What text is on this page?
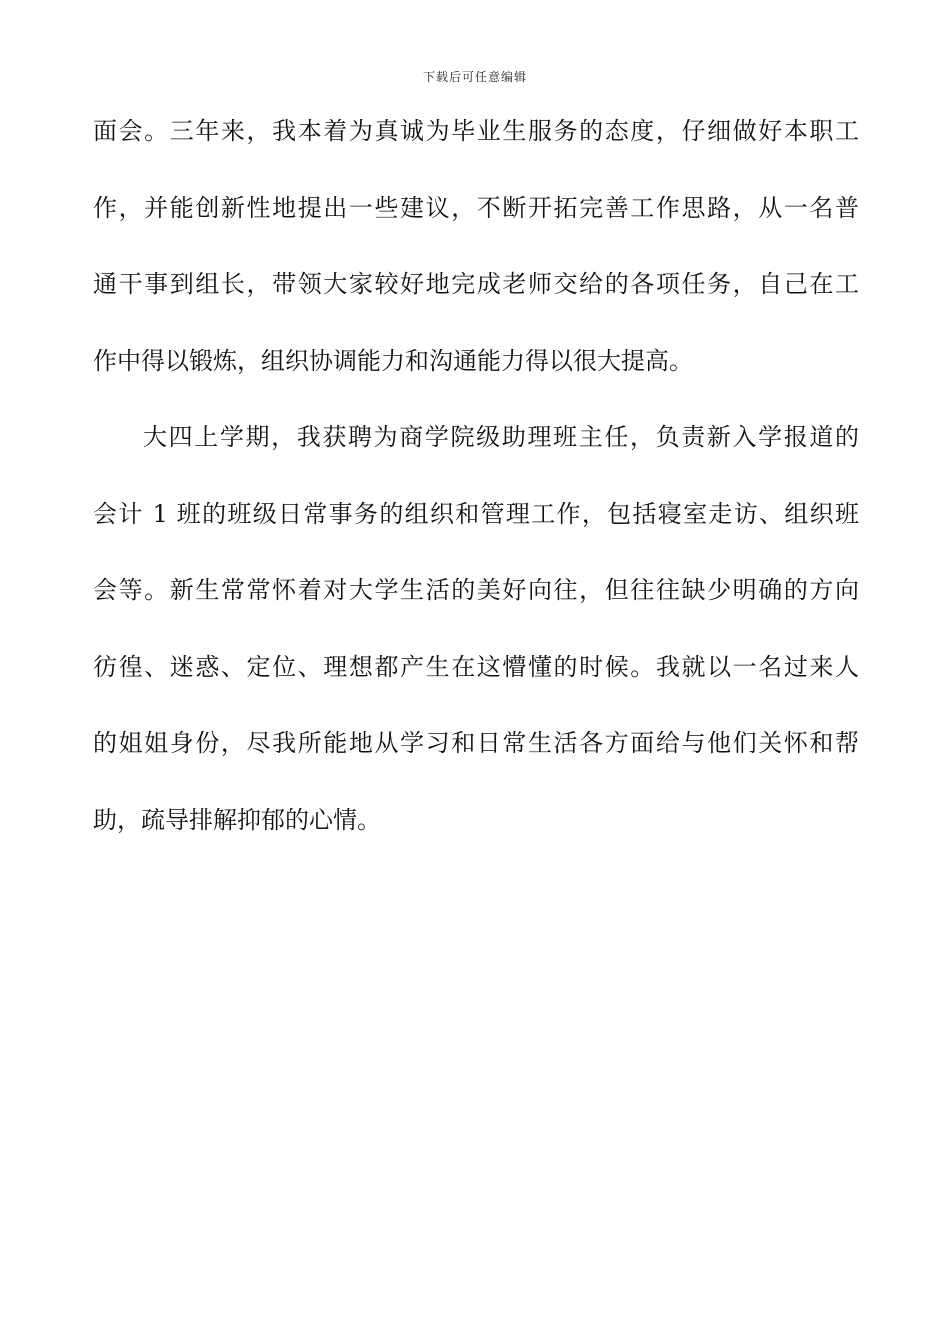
下载后可任意编辑
面会。三年来，我本着为真诚为毕业生服务的态度，仔细做好本职工
作，并能创新性地提出一些建议，不断开拓完善工作思路，从一名普
通干事到组长，带领大家较好地完成老师交给的各项任务，自己在工
作中得以锻炼，组织协调能力和沟通能力得以很大提高。
大四上学期，我获聘为商学院级助理班主任，负责新入学报道的
会计 1 班的班级日常事务的组织和管理工作，包括寝室走访、组织班
会等。新生常常怀着对大学生活的美好向往，但往往缺少明确的方向
彷徨、迷惑、定位、理想都产生在这懵懂的时候。我就以一名过来人
的姐姐身份，尽我所能地从学习和日常生活各方面给与他们关怀和帮
助，疏导排解抑郁的心情。
